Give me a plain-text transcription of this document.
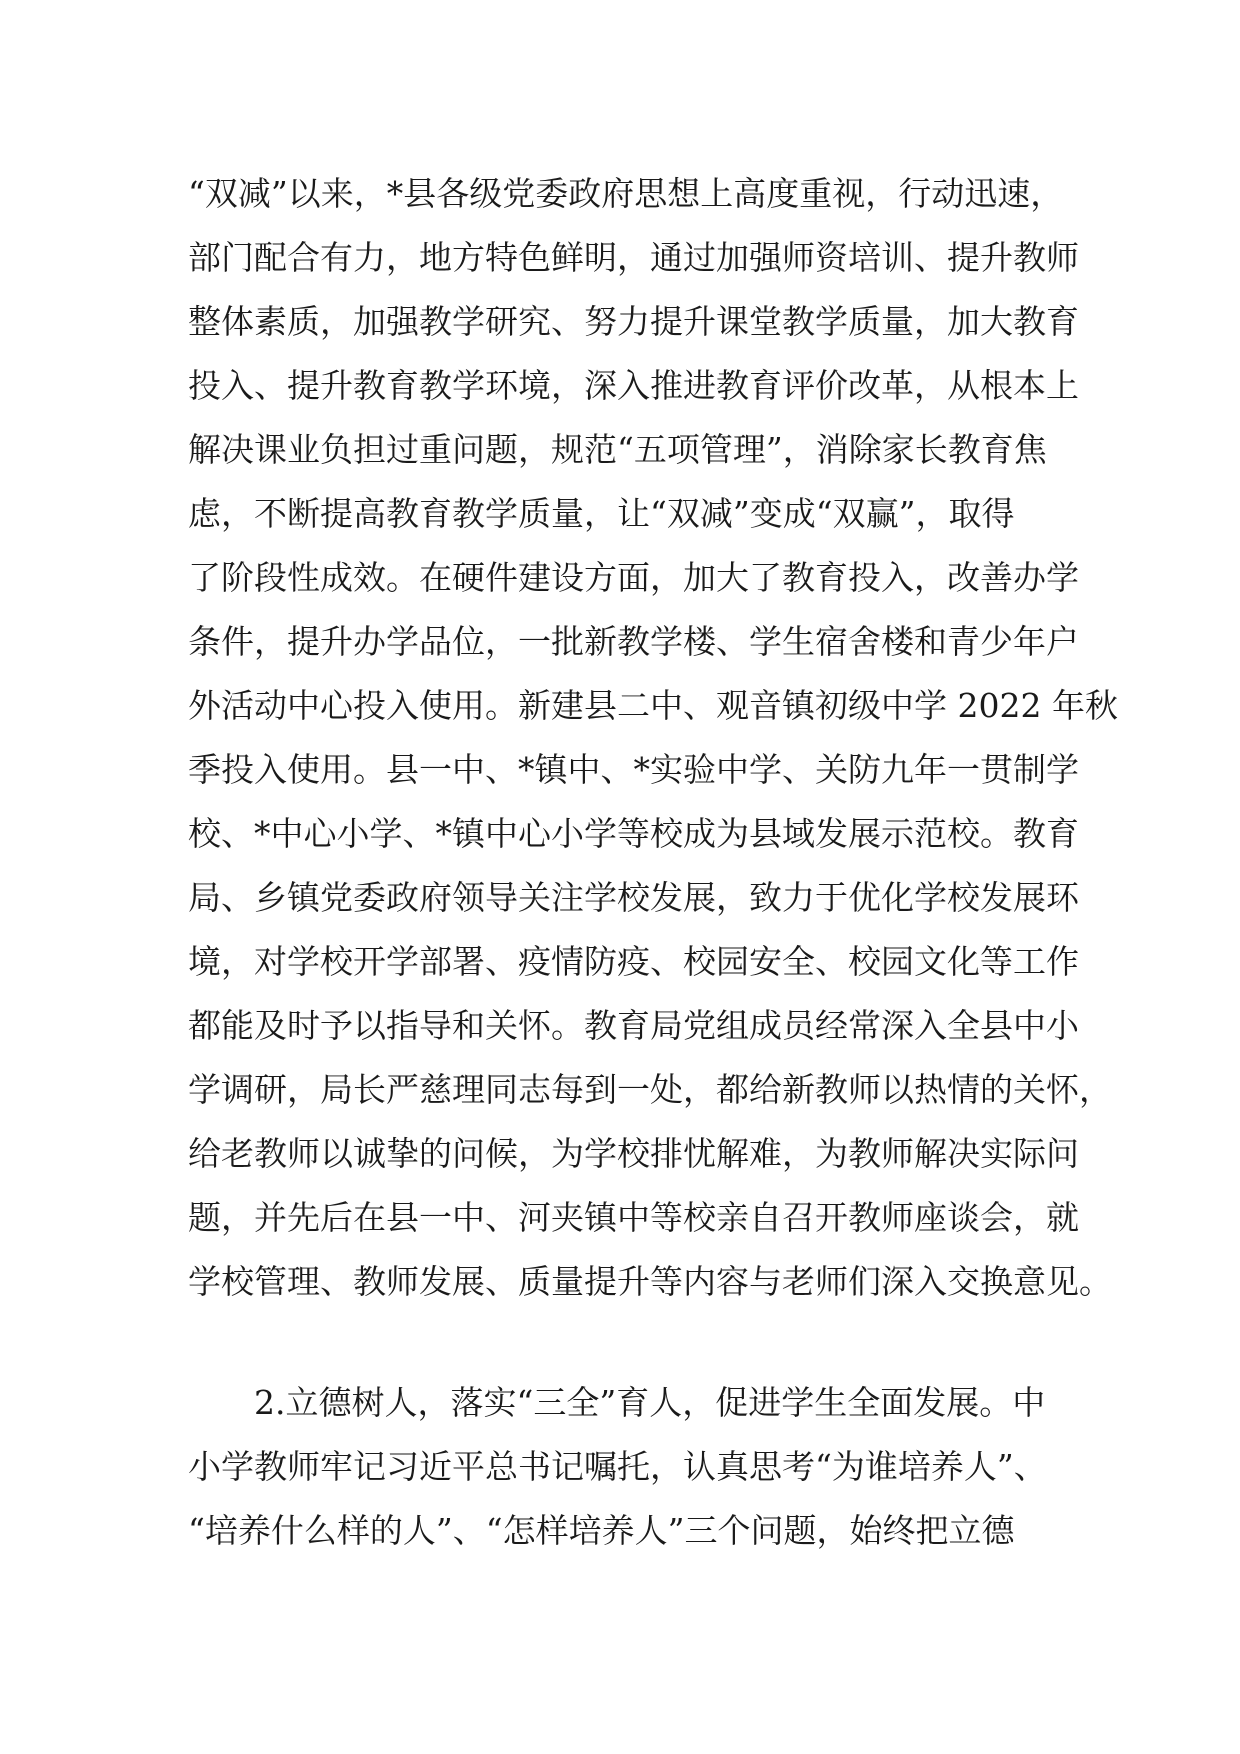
“双减”以来，*县各级党委政府思想上高度重视，行动迅速，
部门配合有力，地方特色鲜明，通过加强师资培训、提升教师
整体素质，加强教学研究、努力提升课堂教学质量，加大教育
投入、提升教育教学环境，深入推进教育评价改革，从根本上
解决课业负担过重问题，规范“五项管理”，消除家长教育焦
虑，不断提高教育教学质量，让“双减”变成“双赢”，取得
了阶段性成效。在硬件建设方面，加大了教育投入，改善办学
条件，提升办学品位，一批新教学楼、学生宿舍楼和青少年户
外活动中心投入使用。新建县二中、观音镇初级中学 2022 年秋
季投入使用。县一中、*镇中、*实验中学、关防九年一贯制学
校、*中心小学、*镇中心小学等校成为县域发展示范校。教育
局、乡镇党委政府领导关注学校发展，致力于优化学校发展环
境，对学校开学部署、疫情防疫、校园安全、校园文化等工作
都能及时予以指导和关怀。教育局党组成员经常深入全县中小
学调研，局长严慈理同志每到一处，都给新教师以热情的关怀，
给老教师以诚挚的问候，为学校排忧解难，为教师解决实际问
题，并先后在县一中、河夹镇中等校亲自召开教师座谈会，就
学校管理、教师发展、质量提升等内容与老师们深入交换意见。
2.立德树人，落实“三全”育人，促进学生全面发展。中
小学教师牢记习近平总书记嘱托，认真思考“为谁培养人”、
“培养什么样的人”、“怎样培养人”三个问题，始终把立德
